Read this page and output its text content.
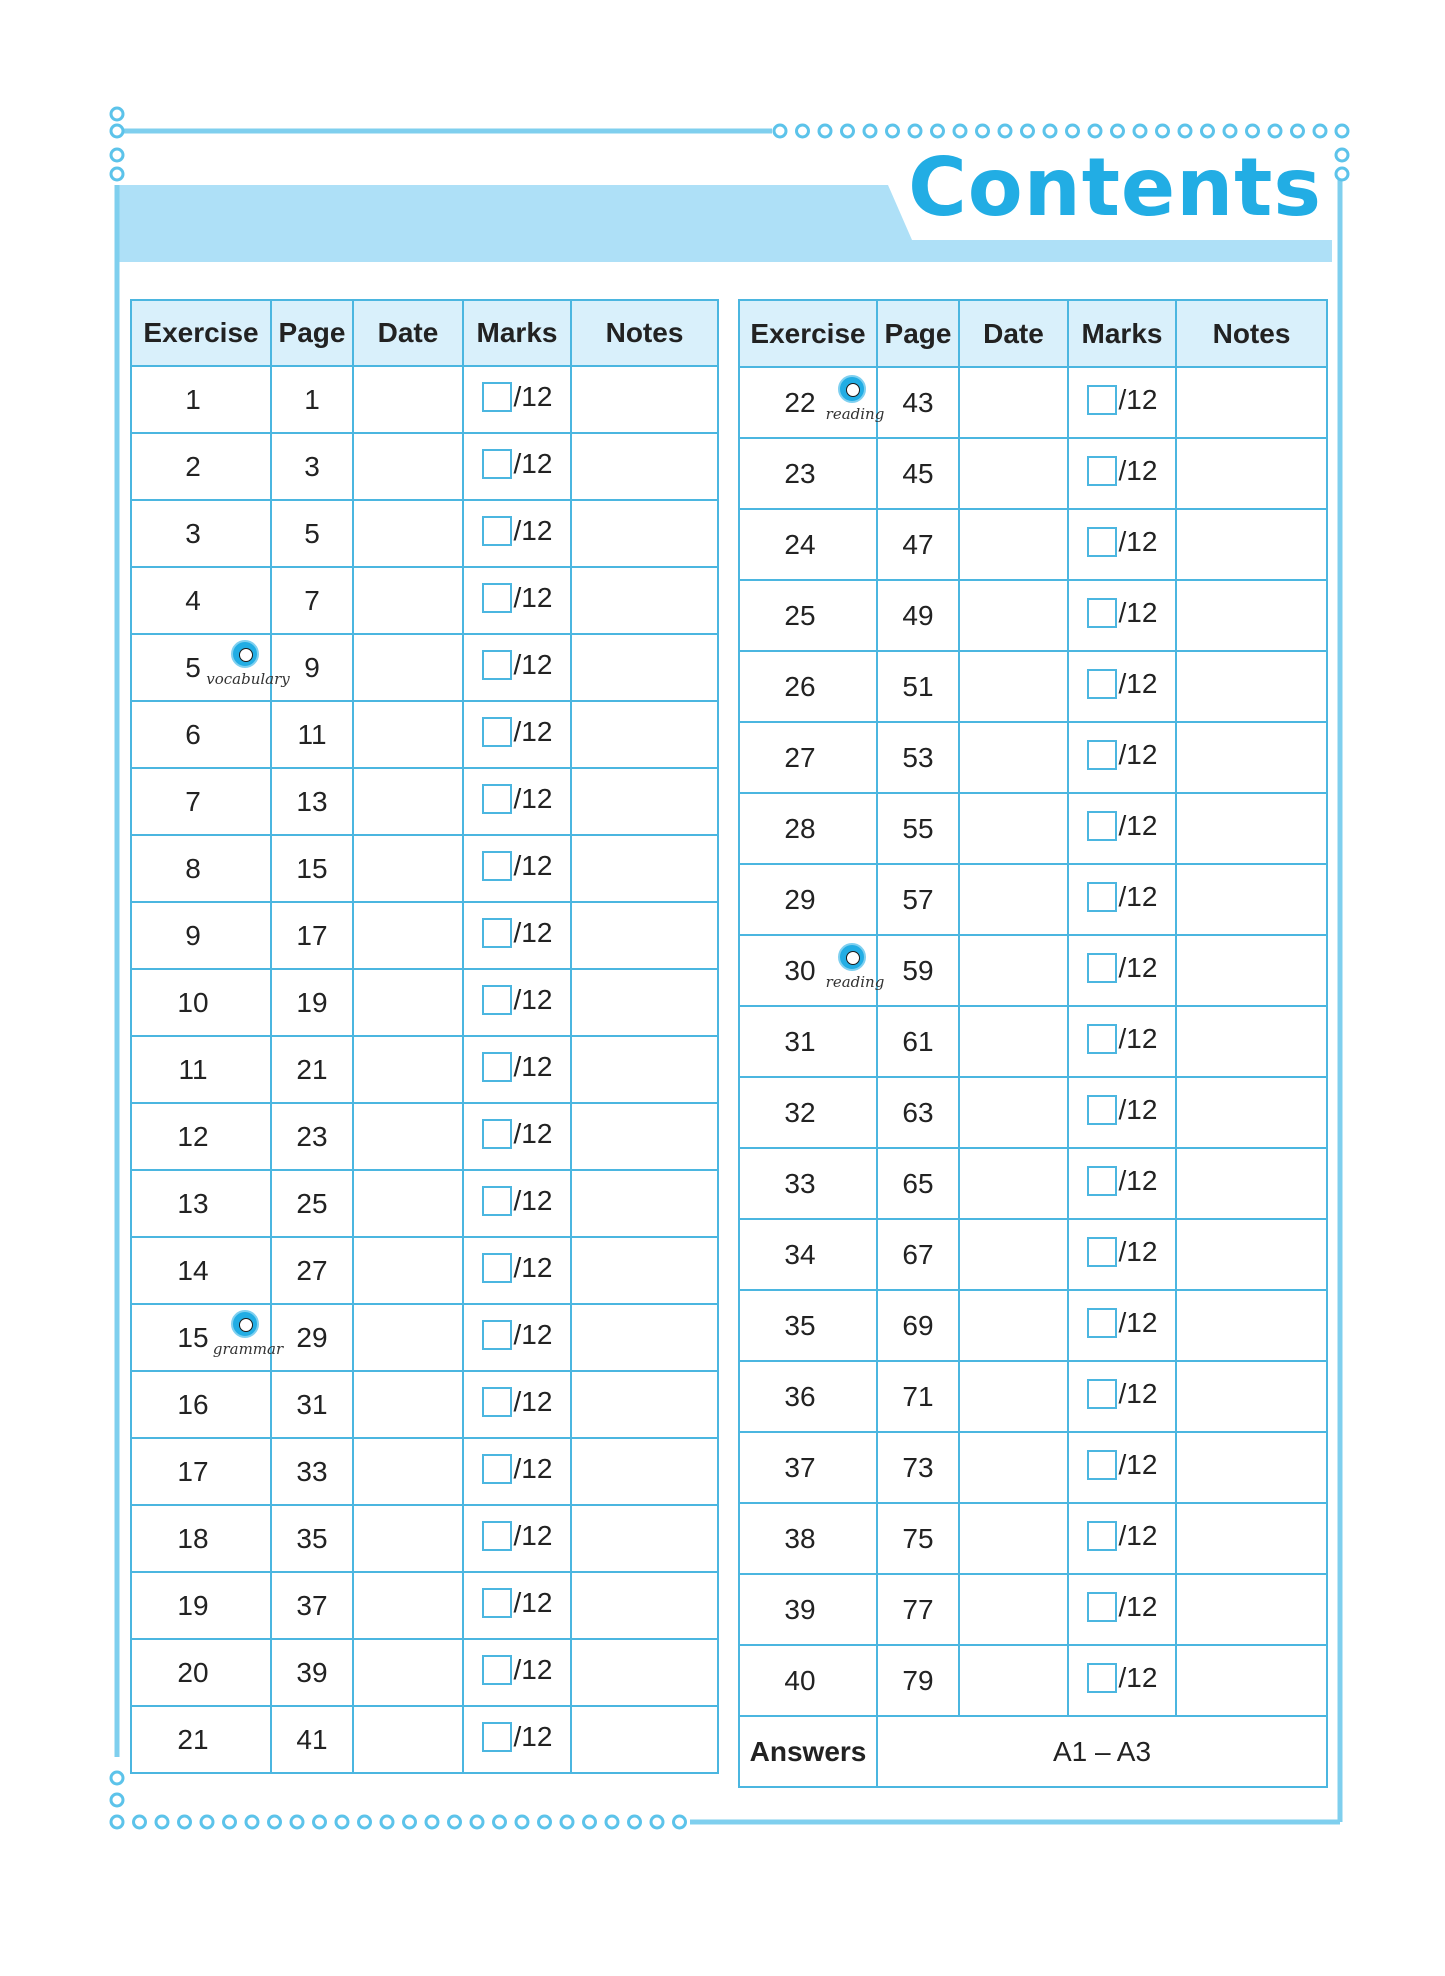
Contents
Exercise	Page	Date	Marks	Notes
1	1		/12	

2	3		/12	

3	5		/12	

4	7		/12	

5 vocabulary	9		/12	

6	11		/12	

7	13		/12	

8	15		/12	

9	17		/12	

10	19		/12	

11	21		/12	

12	23		/12	

13	25		/12	

14	27		/12	

15 grammar	29		/12	

16	31		/12	

17	33		/12	

18	35		/12	

19	37		/12	

20	39		/12	

21	41		/12	

Exercise	Page	Date	Marks	Notes
22 reading	43		/12	

23	45		/12	

24	47		/12	

25	49		/12	

26	51		/12	

27	53		/12	

28	55		/12	

29	57		/12	

30 reading	59		/12	

31	61		/12	

32	63		/12	

33	65		/12	

34	67		/12	

35	69		/12	

36	71		/12	

37	73		/12	

38	75		/12	

39	77		/12	

40	79		/12	

Answers	A1 – A3			
